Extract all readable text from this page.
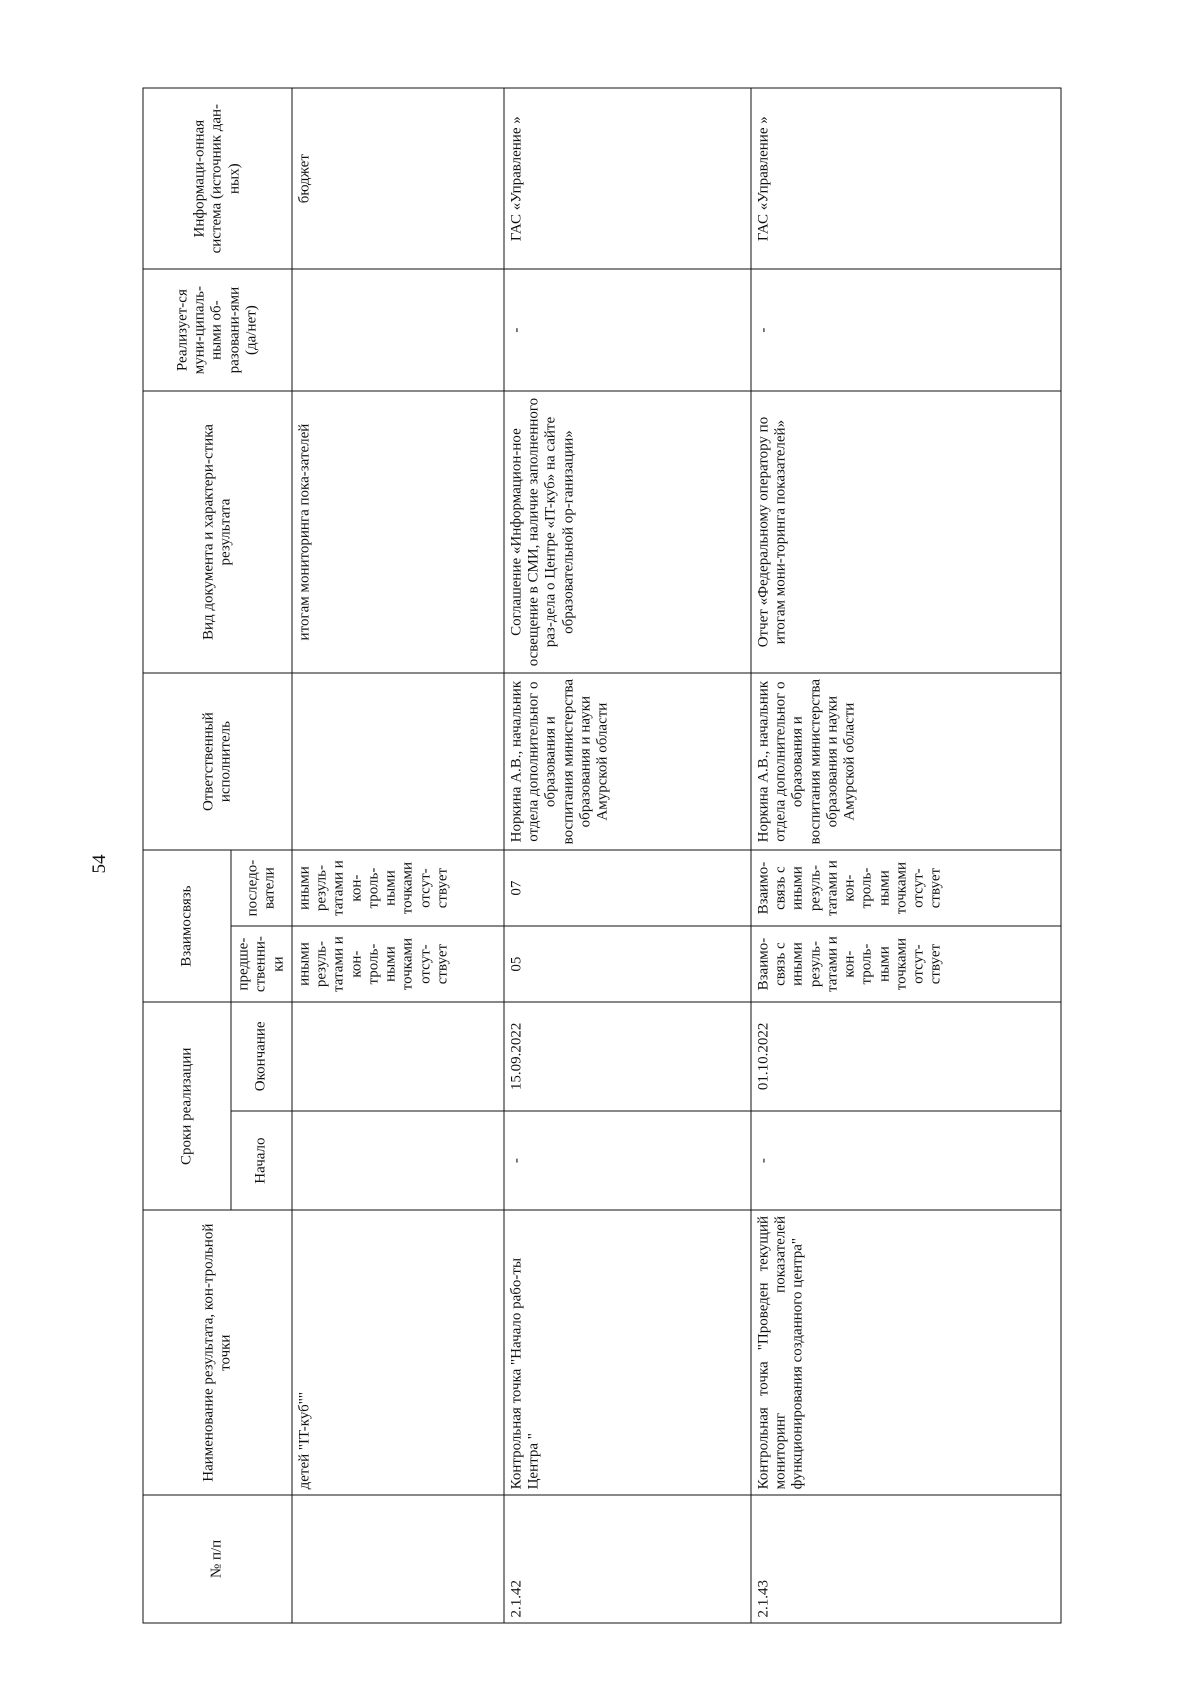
54
№ п/п	Наименование результата, кон-трольной точки	Сроки реализации		Взаимосвязь		Ответственный исполнитель	Вид документа и характери-стика результата	Реализует-ся муни-ципаль-ными об-разовани-ями (да/нет)	Информаци-онная система (источник дан-ных)
		Начало	Окончание	предше-ственни-ки	последо-ватели				
	детей "IT-куб""			иными резуль-татами и кон-троль-ными точками отсут-ствует	иными резуль-татами и кон-троль-ными точками отсут-ствует		итогам мониторинга пока-зателей		бюджет
2.1.42	Контрольная точка "Начало рабо-ты Центра "	-	15.09.2022	05	07	Норкина А.В., начальник отдела дополнительног о образования и воспитания министерства образования и науки Амурской области	Соглашение «Информацион-ное освещение в СМИ, наличие заполненного раз-дела о Центре «IT-куб» на сайте образовательной ор-ганизации»	-	ГАС «Управление »
2.1.43	Контрольная точка "Проведен текущий мониторинг показателей функционирования созданного центра"	-	01.10.2022	Взаимо-связь с иными резуль-татами и кон-троль-ными точками отсут-ствует	Взаимо-связь с иными резуль-татами и кон-троль-ными точками отсут-ствует	Норкина А.В., начальник отдела дополнительног о образования и воспитания министерства образования и науки Амурской области	Отчет «Федеральному оператору по итогам мони-торинга показателей»	-	ГАС «Управление »
